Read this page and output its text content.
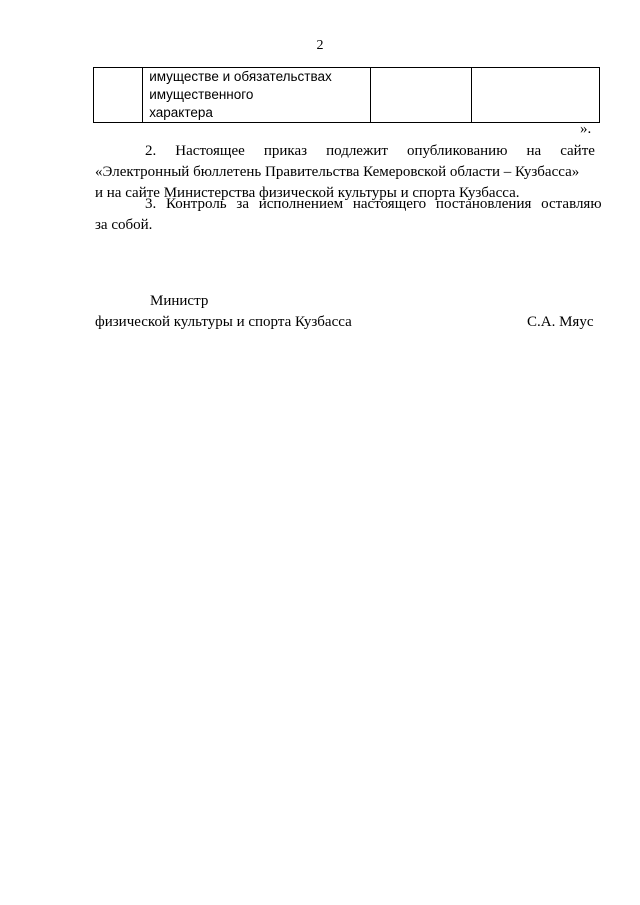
2

имуществе и обязательствах
имущественного
характера

».
2. Настоящее приказ подлежит опубликованию на сайте
«Электронный бюллетень Правительства Кемеровской области – Кузбасса»
и на сайте Министерства физической культуры и спорта Кузбасса.
3. Контроль за исполнением настоящего постановления оставляю
за собой.
Министр
физической культуры и спорта Кузбасса	С.А. Мяус
